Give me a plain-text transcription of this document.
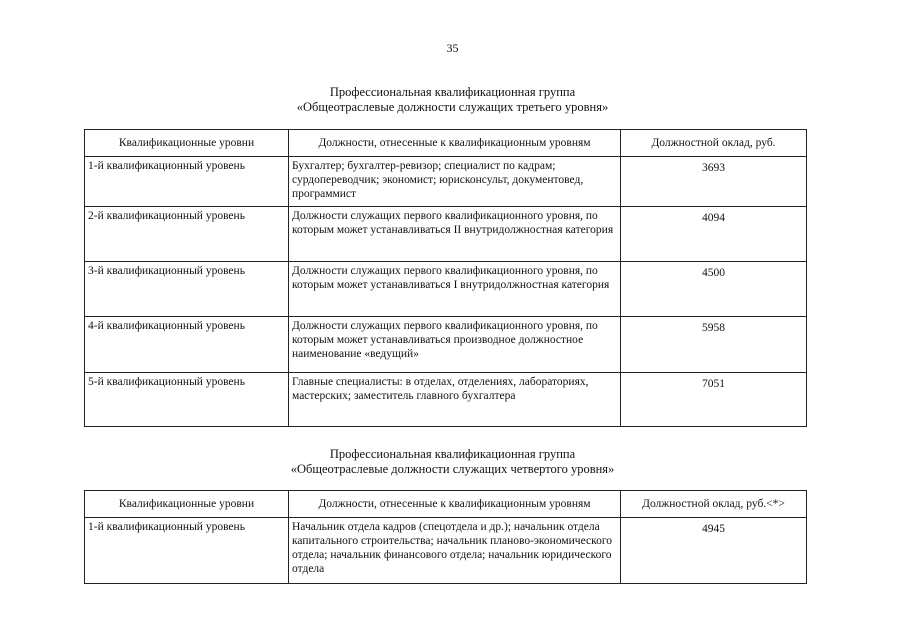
35
Профессиональная квалификационная группа
«Общеотраслевые должности служащих третьего уровня»
Квалификационные уровни	Должности, отнесенные к квалификационным уровням	Должностной оклад, руб.
1-й квалификационный уровень	Бухгалтер; бухгалтер-ревизор; специалист по кадрам; сурдопереводчик; экономист; юрисконсульт, документовед, программист	3693
2-й квалификационный уровень	Должности служащих первого квалификационного уровня, по которым может устанавливаться II внутридолжностная категория	4094
3-й квалификационный уровень	Должности служащих первого квалификационного уровня, по которым может устанавливаться I внутридолжностная категория	4500
4-й квалификационный уровень	Должности служащих первого квалификационного уровня, по которым может устанавливаться производное должностное наименование «ведущий»	5958
5-й квалификационный уровень	Главные специалисты: в отделах, отделениях, лабораториях, мастерских; заместитель главного бухгалтера	7051
Профессиональная квалификационная группа
«Общеотраслевые должности служащих четвертого уровня»
Квалификационные уровни	Должности, отнесенные к квалификационным уровням	Должностной оклад, руб.<*>
1-й квалификационный уровень	Начальник отдела кадров (спецотдела и др.); начальник отдела капитального строительства; начальник планово-экономического отдела; начальник финансового отдела; начальник юридического отдела	4945
